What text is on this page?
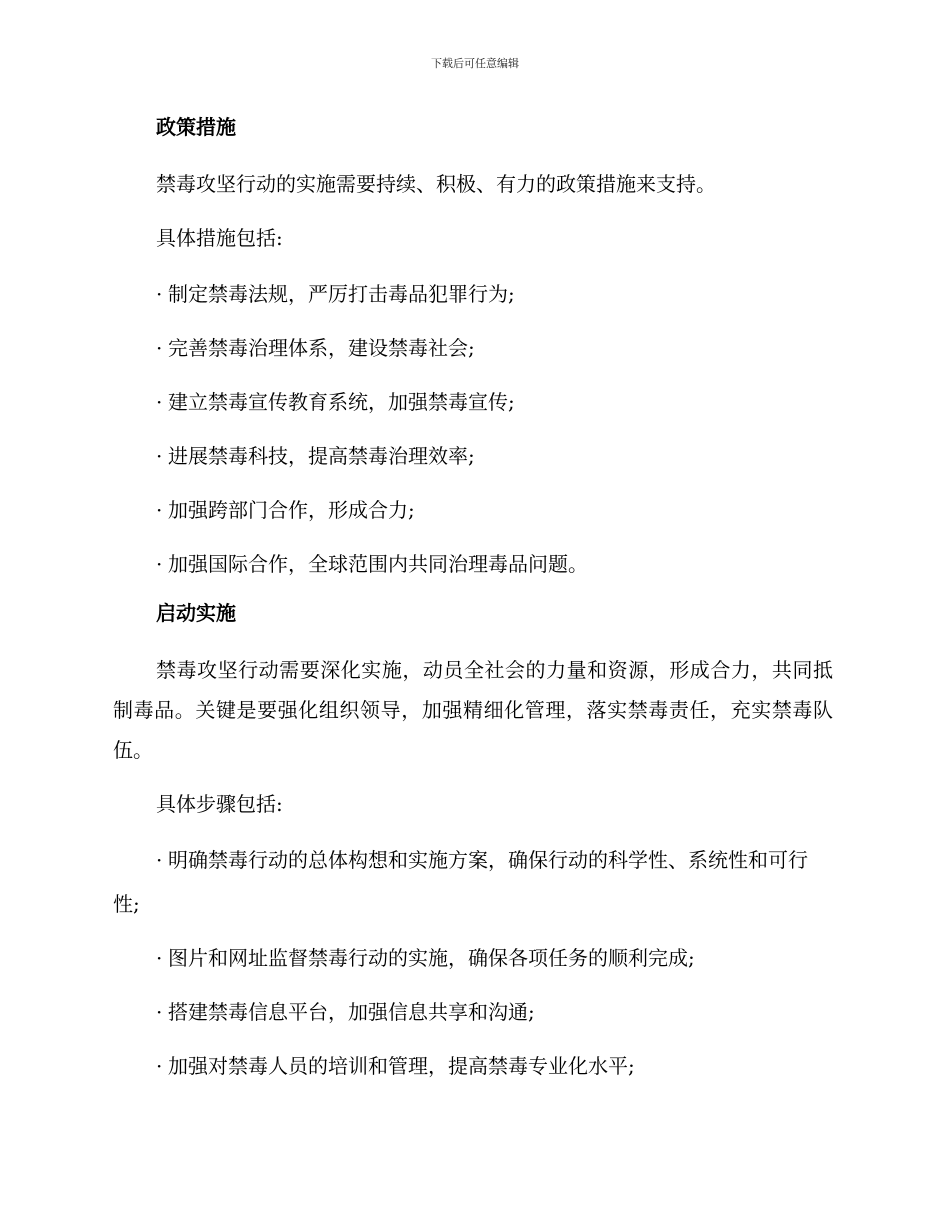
下载后可任意编辑
政策措施

禁毒攻坚行动的实施需要持续、积极、有力的政策措施来支持。

具体措施包括:

· 制定禁毒法规，严厉打击毒品犯罪行为;

· 完善禁毒治理体系，建设禁毒社会;

· 建立禁毒宣传教育系统，加强禁毒宣传;

· 进展禁毒科技，提高禁毒治理效率;

· 加强跨部门合作，形成合力;

· 加强国际合作，全球范围内共同治理毒品问题。

启动实施

禁毒攻坚行动需要深化实施，动员全社会的力量和资源，形成合力，共同抵制毒品。关键是要强化组织领导，加强精细化管理，落实禁毒责任，充实禁毒队伍。

具体步骤包括:

· 明确禁毒行动的总体构想和实施方案，确保行动的科学性、系统性和可行性;

· 图片和网址监督禁毒行动的实施，确保各项任务的顺利完成;

· 搭建禁毒信息平台，加强信息共享和沟通;

· 加强对禁毒人员的培训和管理，提高禁毒专业化水平;
